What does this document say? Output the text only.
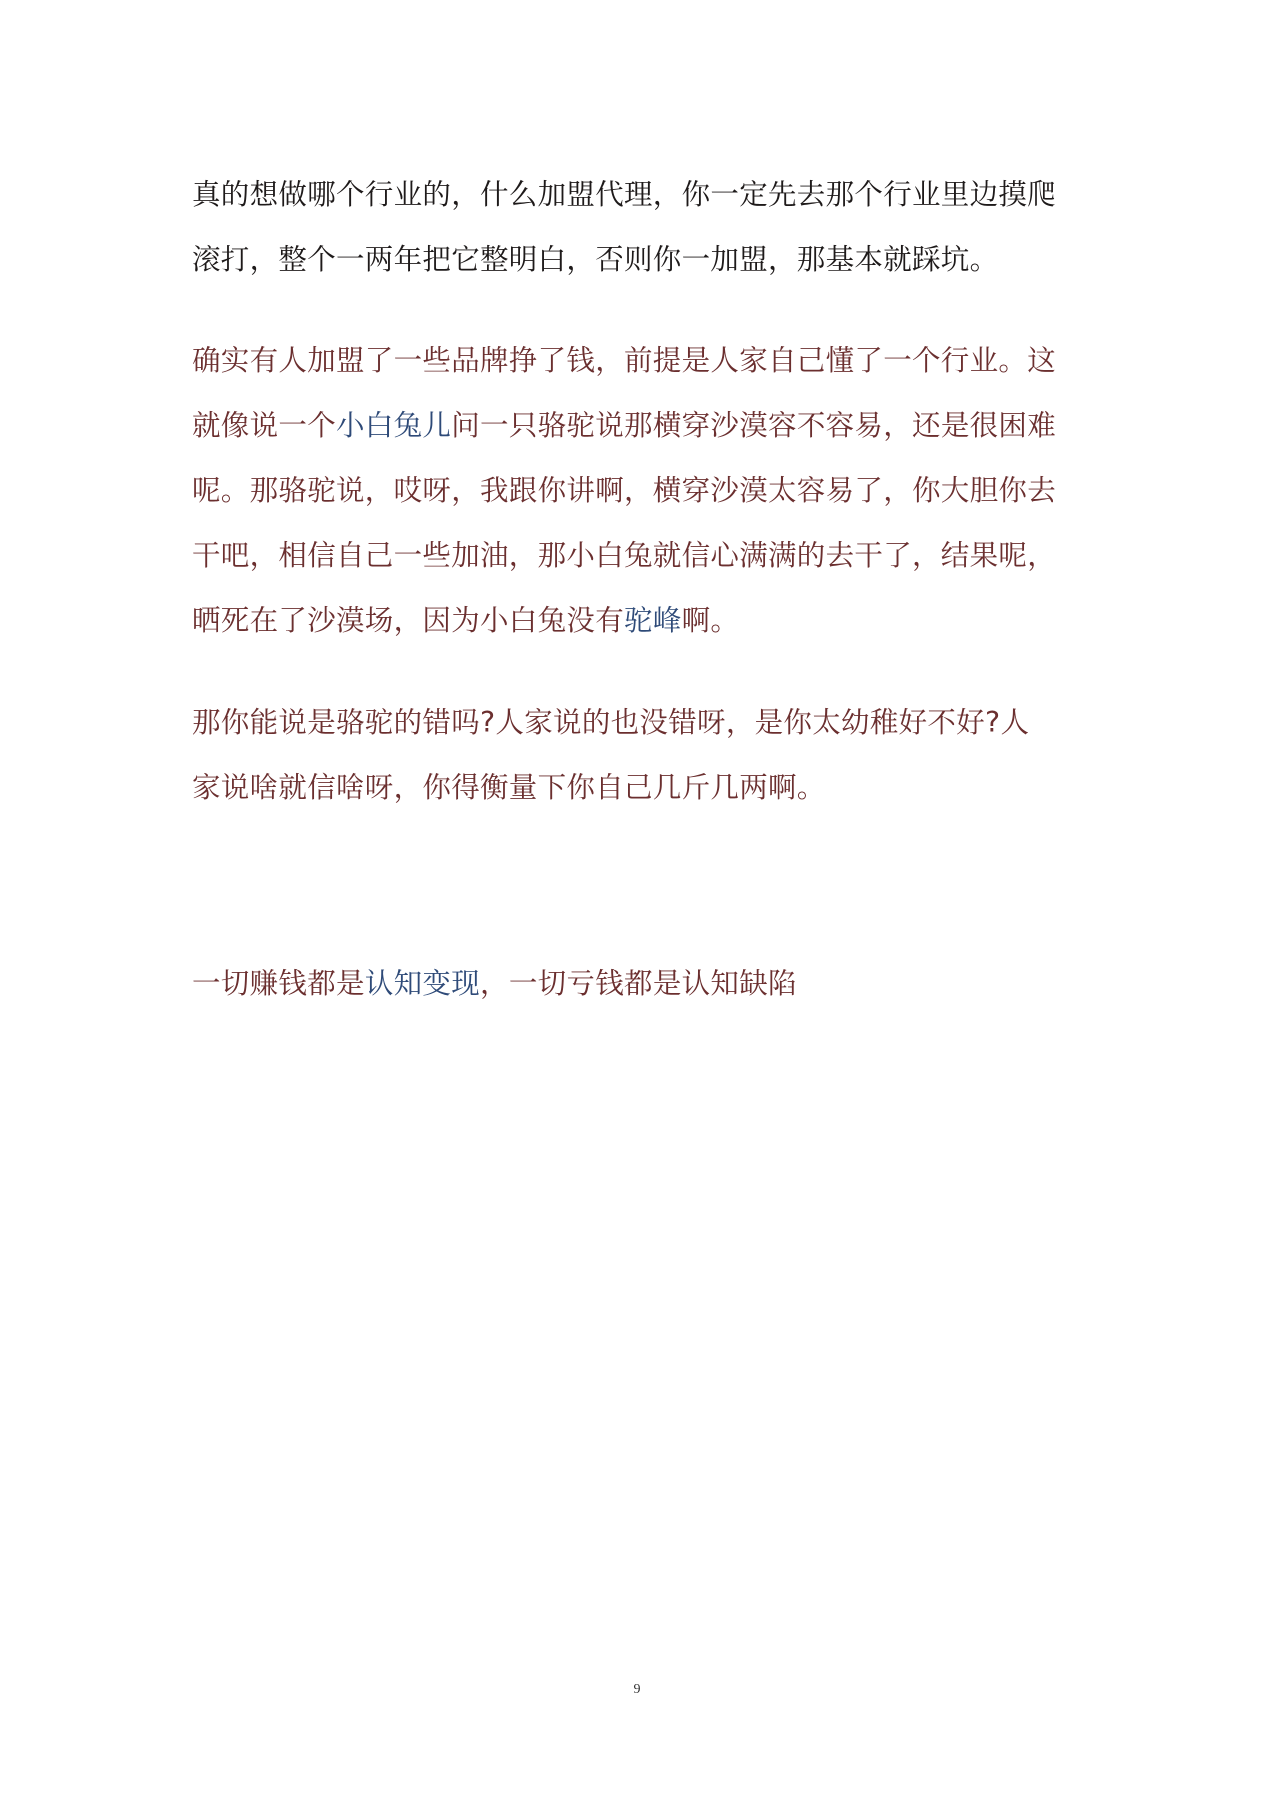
真的想做哪个行业的，什么加盟代理，你一定先去那个行业里边摸爬
滚打，整个一两年把它整明白，否则你一加盟，那基本就踩坑。

确实有人加盟了一些品牌挣了钱，前提是人家自己懂了一个行业。这
就像说一个小白兔儿问一只骆驼说那横穿沙漠容不容易，还是很困难
呢。那骆驼说，哎呀，我跟你讲啊，横穿沙漠太容易了，你大胆你去
干吧，相信自己一些加油，那小白兔就信心满满的去干了，结果呢，
晒死在了沙漠场，因为小白兔没有驼峰啊。

那你能说是骆驼的错吗?人家说的也没错呀，是你太幼稚好不好?人
家说啥就信啥呀，你得衡量下你自己几斤几两啊。

一切赚钱都是认知变现，一切亏钱都是认知缺陷

9
